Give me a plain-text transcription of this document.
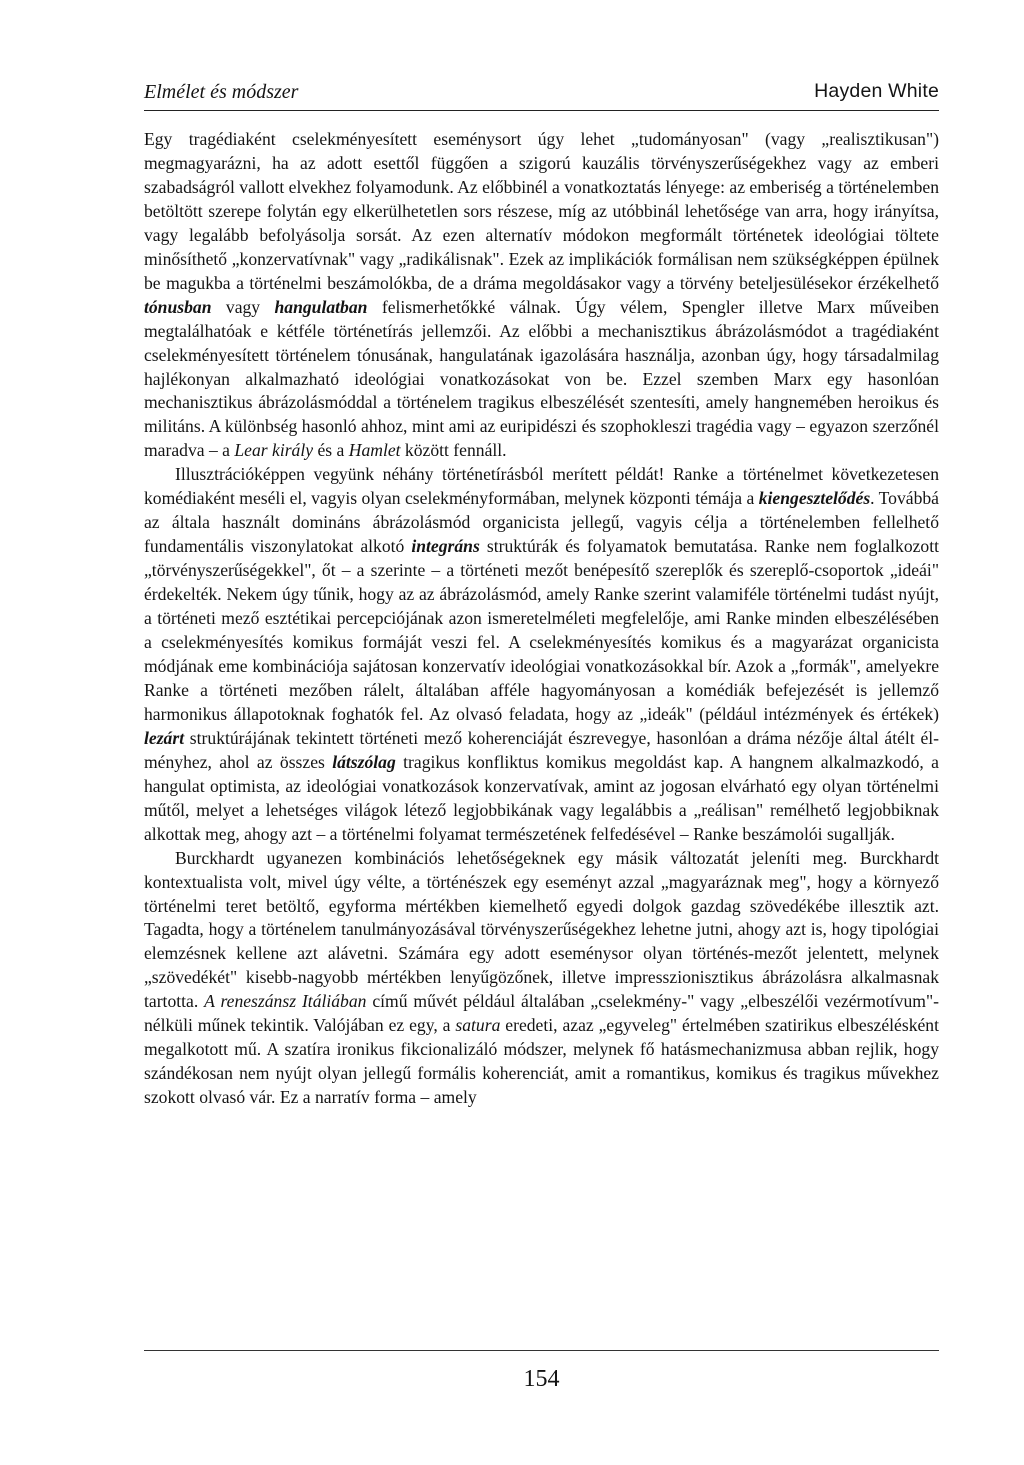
Elmélet és módszer	Hayden White

Egy tragédiaként cselekményesített eseménysort úgy lehet „tudományosan" (vagy „realisztikusan") megmagyarázni, ha az adott esettől függően a szigorú kauzális törvényszerűségekhez vagy az emberi szabadságról vallott elvekhez folyamodunk. Az előbbinél a vonatkoztatás lényege: az emberiség a történelemben betöltött szerepe folytán egy elkerülhetetlen sors részese, míg az utóbbinál lehetősége van arra, hogy irányítsa, vagy legalább befolyásolja sorsát. Az ezen alternatív módokon megformált történetek ideológiai töltete minősíthető „konzervatívnak" vagy „radikálisnak". Ezek az implikációk formálisan nem szükségképpen épülnek be magukba a történelmi beszámolókba, de a dráma megoldásakor vagy a törvény beteljesülésekor érzékelhető tónusban vagy hangulatban felismerhetőkké válnak. Úgy vélem, Spengler illetve Marx műveiben megtalálhatóak e kétféle történetírás jellemzői. Az előbbi a mechanisztikus ábrázolásmódot a tragédiaként cselekményesített történelem tónusának, hangulatának igazolására használja, azonban úgy, hogy társadalmilag hajlékonyan alkalmazható ideológiai vonatkozásokat von be. Ezzel szemben Marx egy hasonlóan mechanisztikus ábrázolásmóddal a történelem tragikus elbeszélését szentesíti, amely hangnemében heroikus és militáns. A különbség hasonló ahhoz, mint ami az euripidészi és szophokleszi tragédia vagy – egyazon szerzőnél maradva – a Lear király és a Hamlet között fennáll.

Illusztrációképpen vegyünk néhány történetírásból merített példát! Ranke a történelmet következetesen komédiaként meséli el, vagyis olyan cselekményformában, melynek központi témája a kiengesztelődés. Továbbá az általa használt domináns ábrázolásmód organicista jellegű, vagyis célja a történelemben fellelhető fundamentális viszonylatokat alkotó integráns struktúrák és folyamatok bemutatása. Ranke nem foglalkozott „törvényszerűségekkel", őt – a szerinte – a történeti mezőt benépesítő szereplők és szereplő-csoportok „ideái" érdekelték. Nekem úgy tűnik, hogy az az ábrázolásmód, amely Ranke szerint valamiféle történelmi tudást nyújt, a történeti mező esztétikai percepciójának azon ismeretelméleti megfelelője, ami Ranke minden elbeszélésében a cselekményesítés komikus formáját veszi fel. A cselekményesítés komikus és a magyarázat organicista módjának eme kombinációja sajátosan konzervatív ideológiai vonatkozásokkal bír. Azok a „formák", amelyekre Ranke a történeti mezőben rálelt, általában afféle hagyományosan a komédiák befejezését is jellemző harmonikus állapotoknak foghatók fel. Az olvasó feladata, hogy az „ideák" (például intézmények és értékek) lezárt struktúrájának tekintett történeti mező koherenciáját észrevegye, hasonlóan a dráma nézője által átélt élményhez, ahol az összes látszólag tragikus konfliktus komikus megoldást kap. A hangnem alkalmazkodó, a hangulat optimista, az ideológiai vonatkozások konzervatívak, amint az jogosan elvárható egy olyan történelmi műtől, melyet a lehetséges világok létező legjobbikának vagy legalábbis a „reálisan" remélhető legjobbiknak alkottak meg, ahogy azt – a történelmi folyamat természetének felfedésével – Ranke beszámolói sugallják.

Burckhardt ugyanezen kombinációs lehetőségeknek egy másik változatát jeleníti meg. Burckhardt kontextualista volt, mivel úgy vélte, a történészek egy eseményt azzal „magyaráznak meg", hogy a környező történelmi teret betöltő, egyforma mértékben kiemelhető egyedi dolgok gazdag szövedékébe illesztik azt. Tagadta, hogy a történelem tanulmányozásával törvényszerűségekhez lehetne jutni, ahogy azt is, hogy tipológiai elemzésnek kellene azt alávetni. Számára egy adott eseménysor olyan történés-mezőt jelentett, melynek „szövedékét" kisebb-nagyobb mértékben lenyűgözőnek, illetve impresszionisztikus ábrázolásra alkalmasnak tartotta. A reneszánsz Itáliában című művét például általában „cselekmény-" vagy „elbeszélői vezérmotívum"-nélküli műnek tekintik. Valójában ez egy, a satura eredeti, azaz „egyveleg" értelmében szatirikus elbeszélésként megalkotott mű. A szatíra ironikus fikcionalizáló módszer, melynek fő hatásmechanizmusa abban rejlik, hogy szándékosan nem nyújt olyan jellegű formális koherenciát, amit a romantikus, komikus és tragikus művekhez szokott olvasó vár. Ez a narratív forma – amely

154
